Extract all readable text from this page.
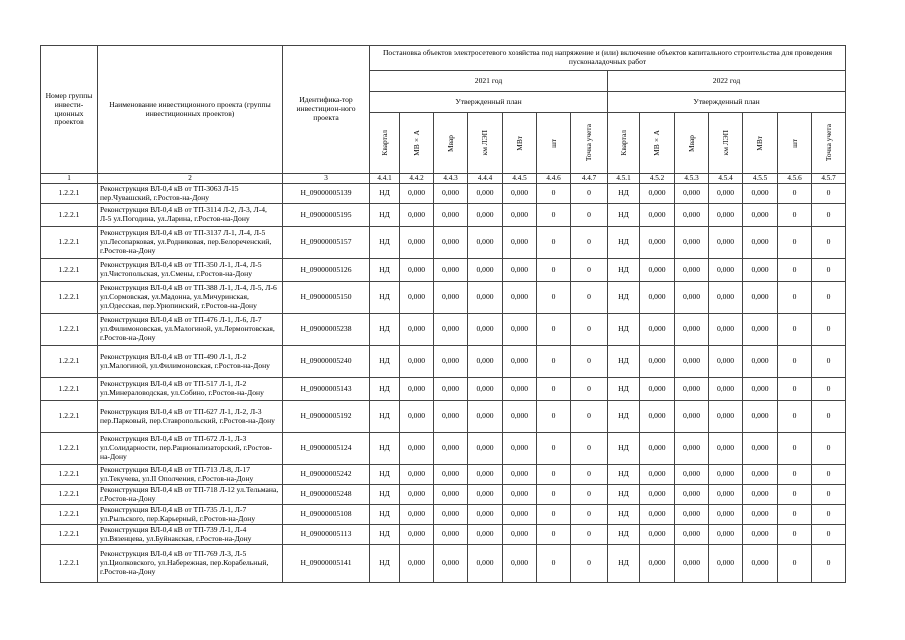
Номер группы инвести-ционных проектов	Наименование инвестиционного проекта (группы инвестиционных проектов)	Идентифика-тор инвестицион-ного проекта	Постановка объектов электросетевого хозяйства под напряжение и (или) включение объектов капитального строительства для проведения пусконаладочных работ													
			2021 год							2022 год						
			Утвержденный план							Утвержденный план						

			Квартал	МВ×А	Мвар	км ЛЭП	МВт	шт	Точка учета	Квартал	МВ×А	Мвар	км ЛЭП	МВт	шт	Точка учета

1	2	3	4.4.1	4.4.2	4.4.3	4.4.4	4.4.5	4.4.6	4.4.7	4.5.1	4.5.2	4.5.3	4.5.4	4.5.5	4.5.6	4.5.7
1.2.2.1	Реконструкция ВЛ-0,4 кВ от ТП-3063 Л-15 пер.Чувашский, г.Ростов-на-Дону	H_09000005139	НД	0,000	0,000	0,000	0,000	0	0	НД	0,000	0,000	0,000	0,000	0	0
1.2.2.1	Реконструкция ВЛ-0,4 кВ от ТП-3114 Л-2, Л-3, Л-4, Л-5 ул.Погодина, ул.Ларина, г.Ростов-на-Дону	H_09000005195	НД	0,000	0,000	0,000	0,000	0	0	НД	0,000	0,000	0,000	0,000	0	0
1.2.2.1	Реконструкция ВЛ-0,4 кВ от ТП-3137 Л-1, Л-4, Л-5 ул.Лесопарковая, ул.Родниковая, пер.Белореченский, г.Ростов-на-Дону	H_09000005157	НД	0,000	0,000	0,000	0,000	0	0	НД	0,000	0,000	0,000	0,000	0	0
1.2.2.1	Реконструкция ВЛ-0,4 кВ от ТП-350 Л-1, Л-4, Л-5 ул.Чистопольская, ул.Смены, г.Ростов-на-Дону	H_09000005126	НД	0,000	0,000	0,000	0,000	0	0	НД	0,000	0,000	0,000	0,000	0	0
1.2.2.1	Реконструкция ВЛ-0,4 кВ от ТП-388 Л-1, Л-4, Л-5, Л-6 ул.Сормовская, ул.Мадонна, ул.Мичуринская, ул.Одесская, пер.Урюпинский, г.Ростов-на-Дону	H_09000005150	НД	0,000	0,000	0,000	0,000	0	0	НД	0,000	0,000	0,000	0,000	0	0
1.2.2.1	Реконструкция ВЛ-0,4 кВ от ТП-476 Л-1, Л-6, Л-7 ул.Филимоновская, ул.Малогиной, ул.Лермонтовская, г.Ростов-на-Дону	H_09000005238	НД	0,000	0,000	0,000	0,000	0	0	НД	0,000	0,000	0,000	0,000	0	0
1.2.2.1	Реконструкция ВЛ-0,4 кВ от ТП-490 Л-1, Л-2 ул.Малогиной, ул.Филимоновская, г.Ростов-на-Дону	H_09000005240	НД	0,000	0,000	0,000	0,000	0	0	НД	0,000	0,000	0,000	0,000	0	0
1.2.2.1	Реконструкция ВЛ-0,4 кВ от ТП-517 Л-1, Л-2 ул.Минераловодская, ул.Собино, г.Ростов-на-Дону	H_09000005143	НД	0,000	0,000	0,000	0,000	0	0	НД	0,000	0,000	0,000	0,000	0	0
1.2.2.1	Реконструкция ВЛ-0,4 кВ от ТП-627 Л-1, Л-2, Л-3 пер.Парковый, пер.Ставропольский, г.Ростов-на-Дону	H_09000005192	НД	0,000	0,000	0,000	0,000	0	0	НД	0,000	0,000	0,000	0,000	0	0
1.2.2.1	Реконструкция ВЛ-0,4 кВ от ТП-672 Л-1, Л-3 ул.Солидарности, пер.Рационализаторский, г.Ростов-на-Дону	H_09000005124	НД	0,000	0,000	0,000	0,000	0	0	НД	0,000	0,000	0,000	0,000	0	0
1.2.2.1	Реконструкция ВЛ-0,4 кВ от ТП-713 Л-8, Л-17 ул.Текучева, ул.II Ополчения, г.Ростов-на-Дону	H_09000005242	НД	0,000	0,000	0,000	0,000	0	0	НД	0,000	0,000	0,000	0,000	0	0
1.2.2.1	Реконструкция ВЛ-0,4 кВ от ТП-718 Л-12 ул.Тельмана, г.Ростов-на-Дону	H_09000005248	НД	0,000	0,000	0,000	0,000	0	0	НД	0,000	0,000	0,000	0,000	0	0
1.2.2.1	Реконструкция ВЛ-0,4 кВ от ТП-735 Л-1, Л-7 ул.Рыльского, пер.Карьерный, г.Ростов-на-Дону	H_09000005108	НД	0,000	0,000	0,000	0,000	0	0	НД	0,000	0,000	0,000	0,000	0	0
1.2.2.1	Реконструкция ВЛ-0,4 кВ от ТП-739 Л-1, Л-4 ул.Вязенцева, ул.Буйнакская, г.Ростов-на-Дону	H_09000005113	НД	0,000	0,000	0,000	0,000	0	0	НД	0,000	0,000	0,000	0,000	0	0
1.2.2.1	Реконструкция ВЛ-0,4 кВ от ТП-769 Л-3, Л-5 ул.Циолковского, ул.Набережная, пер.Корабельный, г.Ростов-на-Дону	H_09000005141	НД	0,000	0,000	0,000	0,000	0	0	НД	0,000	0,000	0,000	0,000	0	0
